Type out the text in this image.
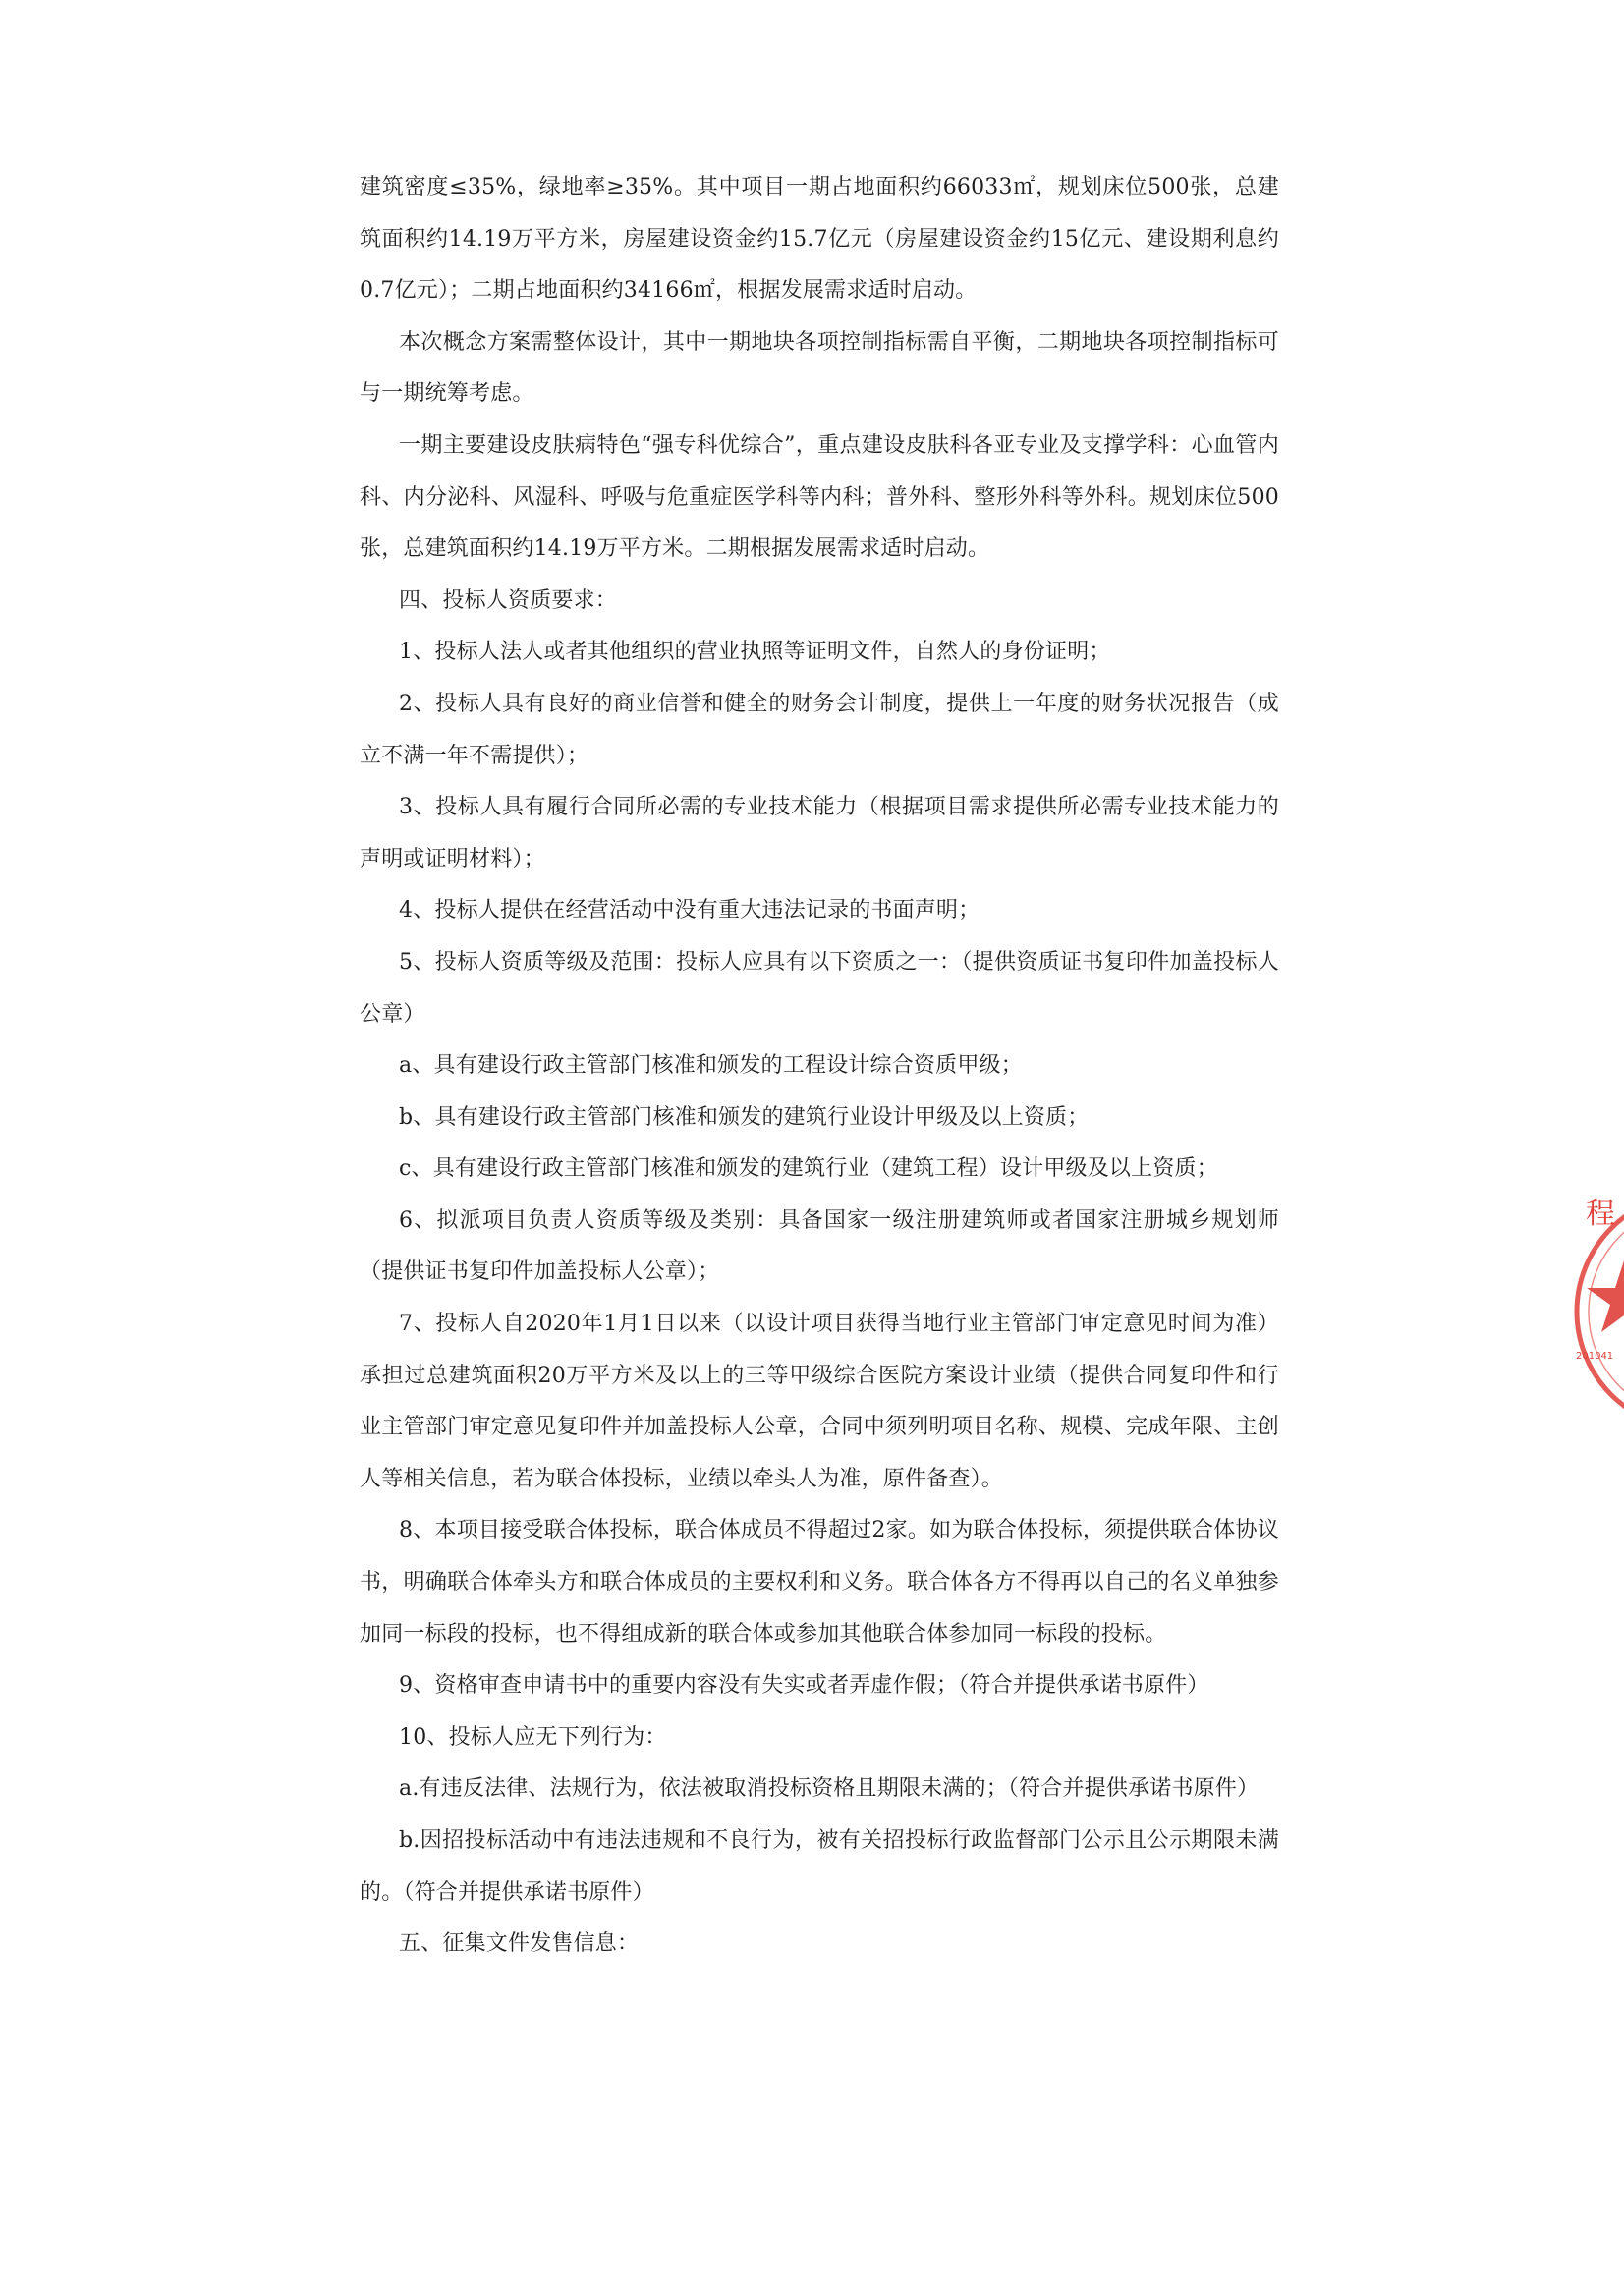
建筑密度≤35%，绿地率≥35%。其中项目一期占地面积约66033㎡，规划床位500张，总建筑面积约14.19万平方米，房屋建设资金约15.7亿元（房屋建设资金约15亿元、建设期利息约0.7亿元）；二期占地面积约34166㎡，根据发展需求适时启动。

本次概念方案需整体设计，其中一期地块各项控制指标需自平衡，二期地块各项控制指标可与一期统筹考虑。

一期主要建设皮肤病特色“强专科优综合”，重点建设皮肤科各亚专业及支撑学科：心血管内科、内分泌科、风湿科、呼吸与危重症医学科等内科；普外科、整形外科等外科。规划床位500张，总建筑面积约14.19万平方米。二期根据发展需求适时启动。

四、投标人资质要求：

1、投标人法人或者其他组织的营业执照等证明文件，自然人的身份证明；

2、投标人具有良好的商业信誉和健全的财务会计制度，提供上一年度的财务状况报告（成立不满一年不需提供）；

3、投标人具有履行合同所必需的专业技术能力（根据项目需求提供所必需专业技术能力的声明或证明材料）；

4、投标人提供在经营活动中没有重大违法记录的书面声明；

5、投标人资质等级及范围：投标人应具有以下资质之一：（提供资质证书复印件加盖投标人公章）

a、具有建设行政主管部门核准和颁发的工程设计综合资质甲级；

b、具有建设行政主管部门核准和颁发的建筑行业设计甲级及以上资质；

c、具有建设行政主管部门核准和颁发的建筑行业（建筑工程）设计甲级及以上资质；

6、拟派项目负责人资质等级及类别：具备国家一级注册建筑师或者国家注册城乡规划师（提供证书复印件加盖投标人公章）；

7、投标人自2020年1月1日以来（以设计项目获得当地行业主管部门审定意见时间为准）承担过总建筑面积20万平方米及以上的三等甲级综合医院方案设计业绩（提供合同复印件和行业主管部门审定意见复印件并加盖投标人公章，合同中须列明项目名称、规模、完成年限、主创人等相关信息，若为联合体投标，业绩以牵头人为准，原件备查）。

8、本项目接受联合体投标，联合体成员不得超过2家。如为联合体投标，须提供联合体协议书，明确联合体牵头方和联合体成员的主要权利和义务。联合体各方不得再以自己的名义单独参加同一标段的投标，也不得组成新的联合体或参加其他联合体参加同一标段的投标。

9、资格审查申请书中的重要内容没有失实或者弄虚作假；（符合并提供承诺书原件）

10、投标人应无下列行为：

a.有违反法律、法规行为，依法被取消投标资格且期限未满的；（符合并提供承诺书原件）

b.因招投标活动中有违法违规和不良行为，被有关招投标行政监督部门公示且公示期限未满的。（符合并提供承诺书原件）

五、征集文件发售信息：

程
201041
